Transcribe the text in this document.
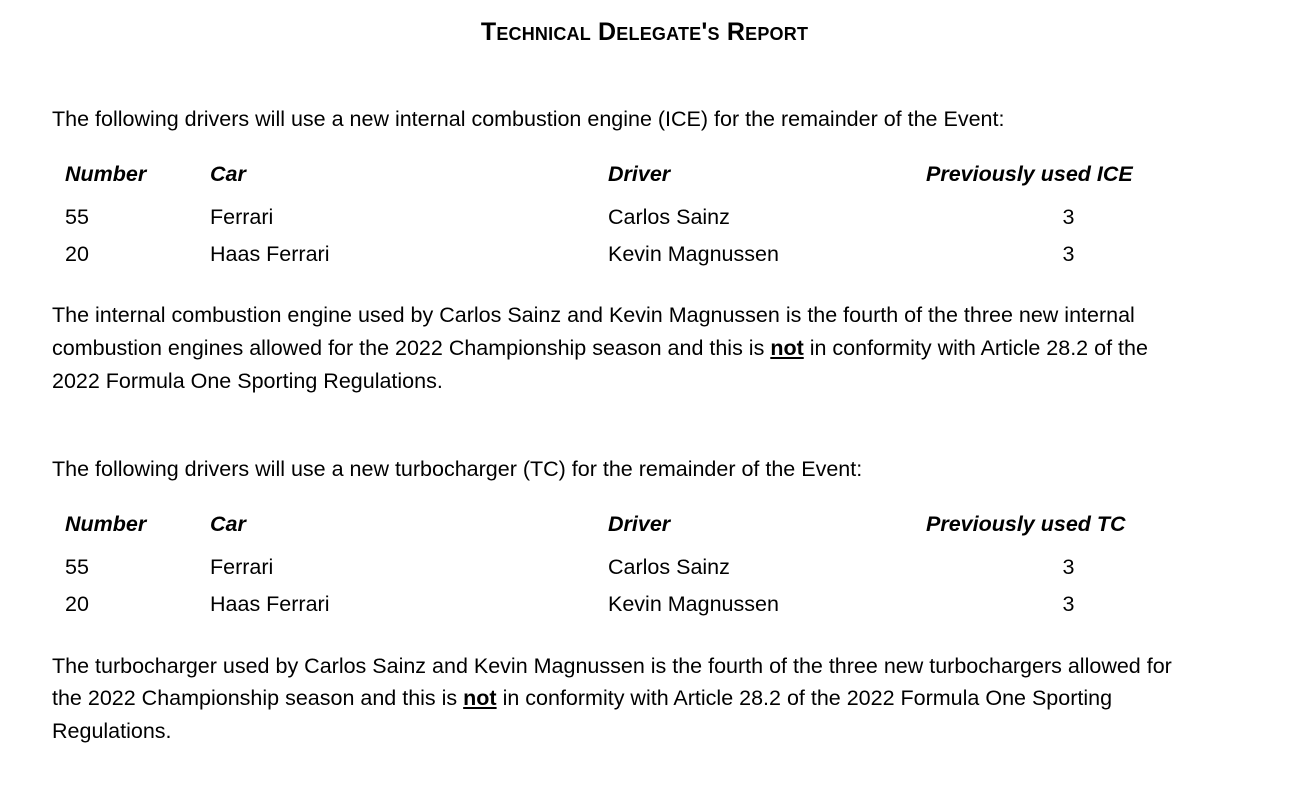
Technical Delegate's Report

The following drivers will use a new internal combustion engine (ICE) for the remainder of the Event:

Number	Car	Driver	Previously used ICE
55	Ferrari	Carlos Sainz	3
20	Haas Ferrari	Kevin Magnussen	3

The internal combustion engine used by Carlos Sainz and Kevin Magnussen is the fourth of the three new internal combustion engines allowed for the 2022 Championship season and this is not in conformity with Article 28.2 of the 2022 Formula One Sporting Regulations.

The following drivers will use a new turbocharger (TC) for the remainder of the Event:

Number	Car	Driver	Previously used TC
55	Ferrari	Carlos Sainz	3
20	Haas Ferrari	Kevin Magnussen	3

The turbocharger used by Carlos Sainz and Kevin Magnussen is the fourth of the three new turbochargers allowed for the 2022 Championship season and this is not in conformity with Article 28.2 of the 2022 Formula One Sporting Regulations.
